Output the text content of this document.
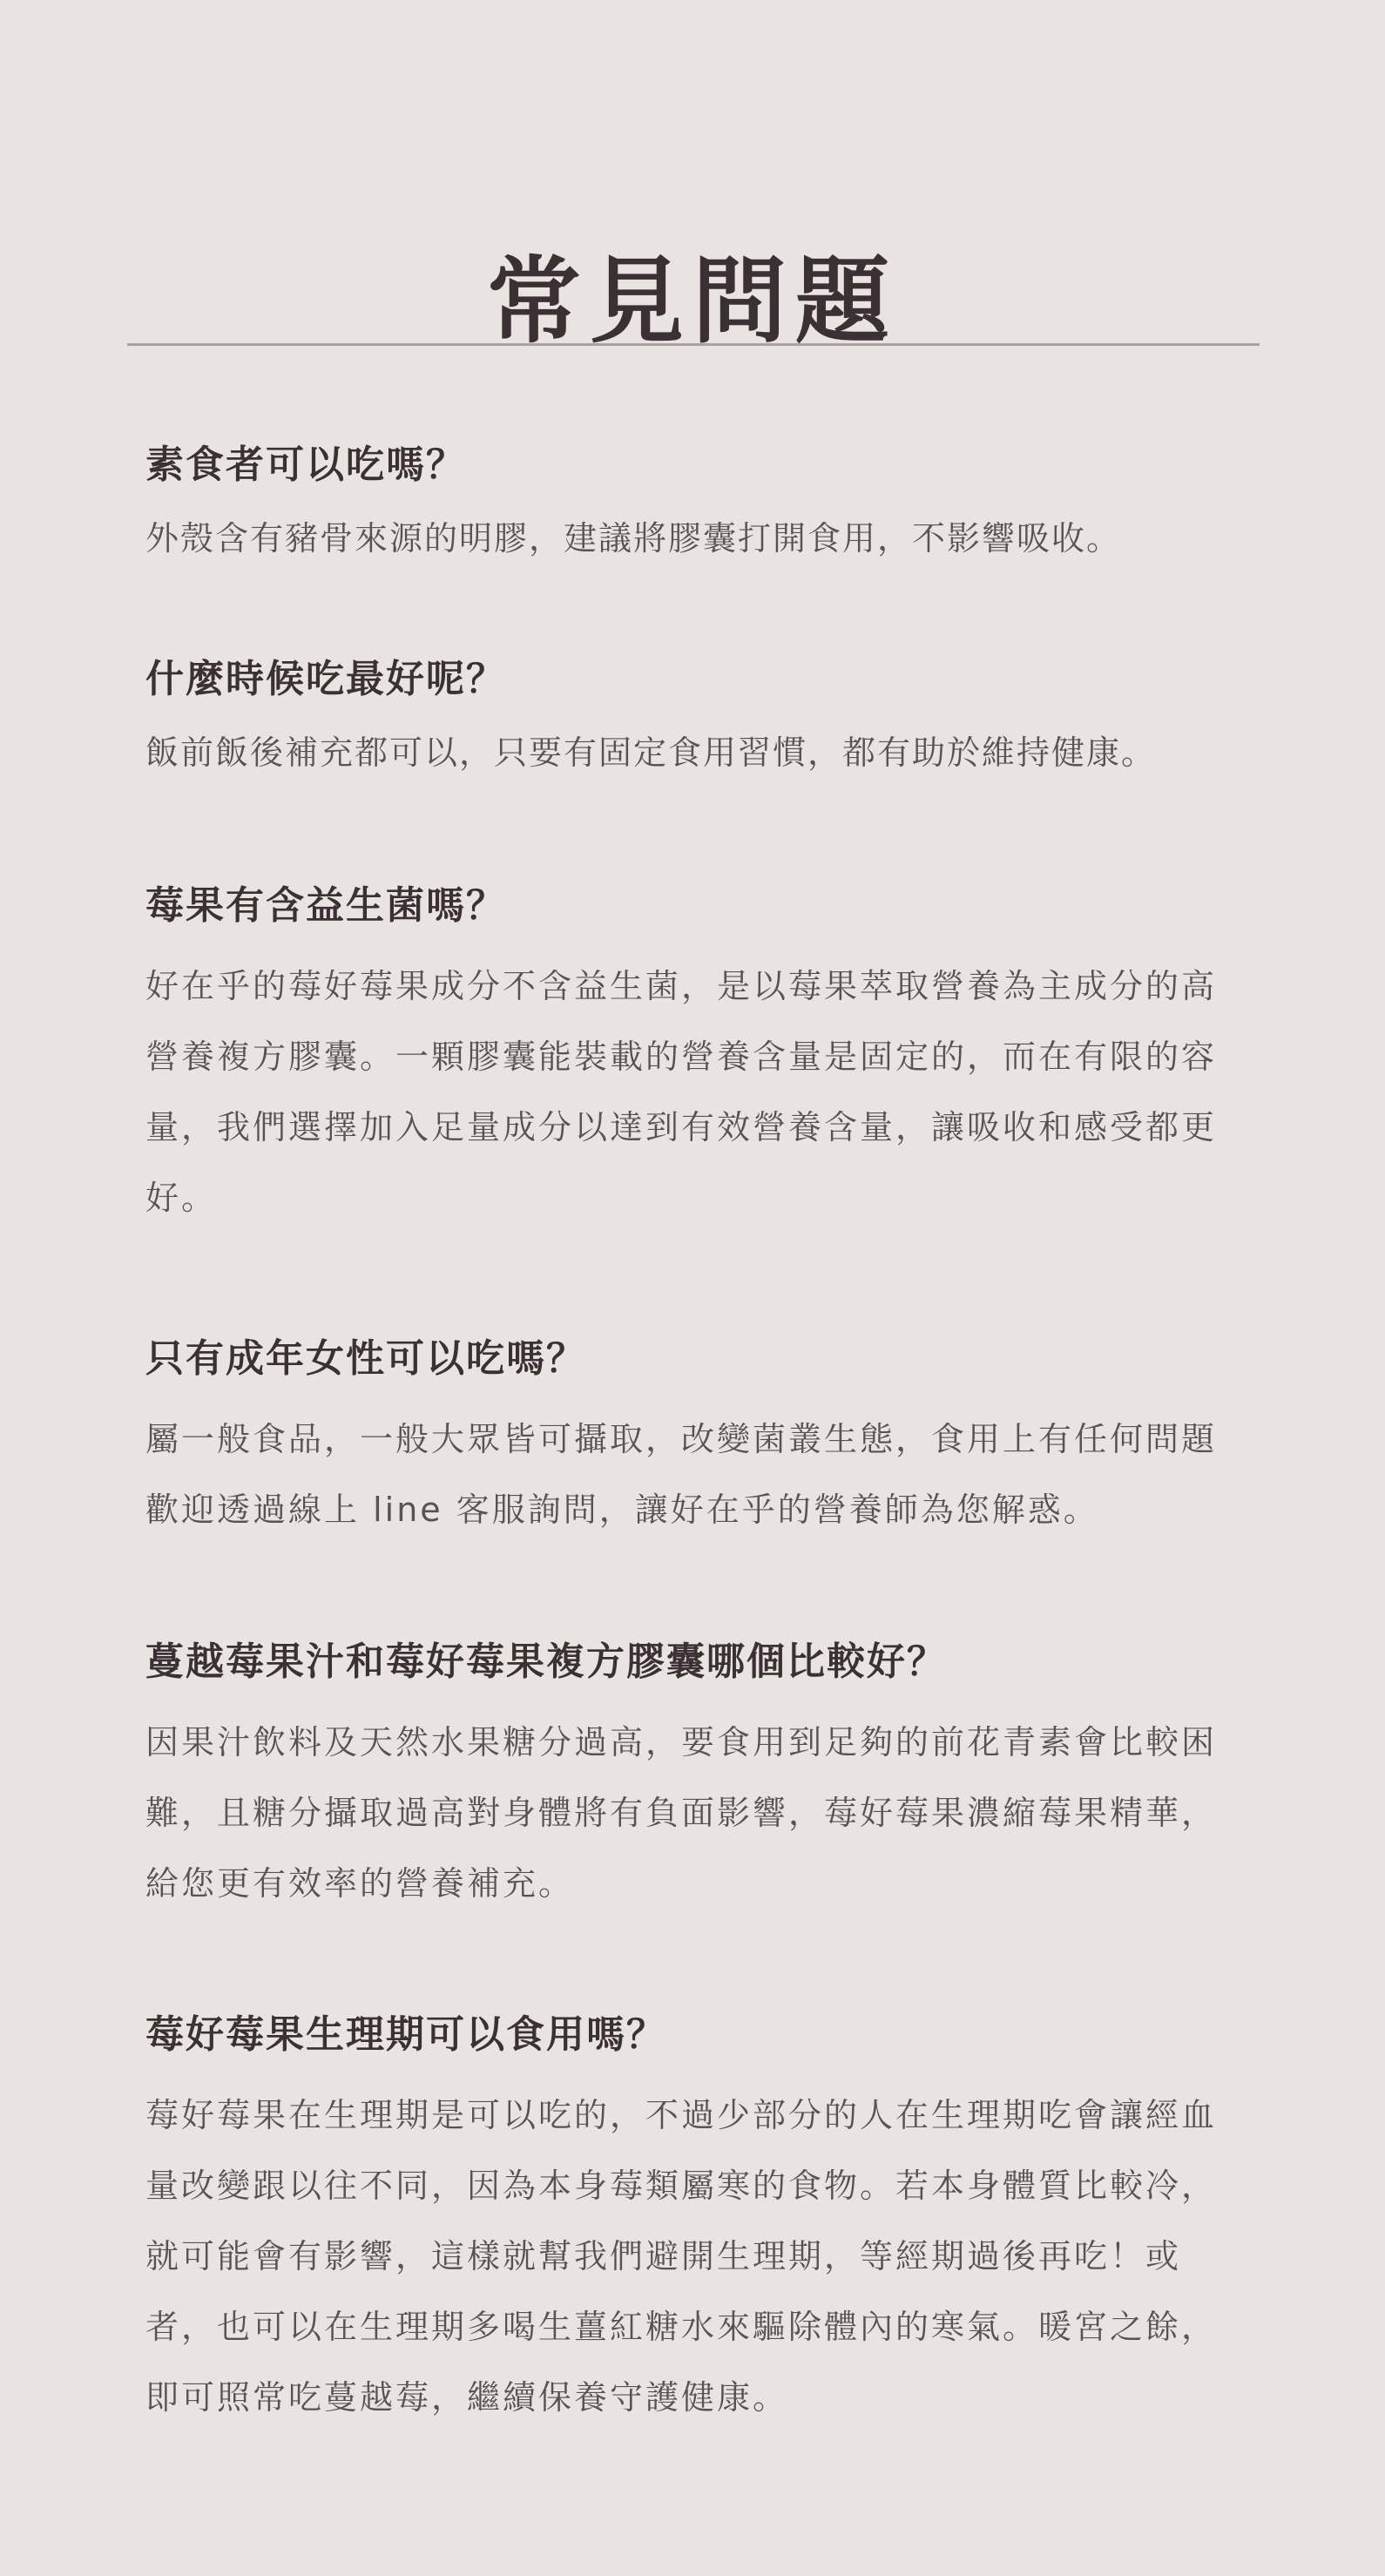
常見問題
素食者可以吃嗎？

外殼含有豬骨來源的明膠，建議將膠囊打開食用，不影響吸收。

什麼時候吃最好呢？

飯前飯後補充都可以，只要有固定食用習慣，都有助於維持健康。

莓果有含益生菌嗎？

好在乎的莓好莓果成分不含益生菌，是以莓果萃取營養為主成分的高營養複方膠囊。一顆膠囊能裝載的營養含量是固定的，而在有限的容量，我們選擇加入足量成分以達到有效營養含量，讓吸收和感受都更好。

只有成年女性可以吃嗎？

屬一般食品，一般大眾皆可攝取，改變菌叢生態，食用上有任何問題歡迎透過線上 line 客服詢問，讓好在乎的營養師為您解惑。

蔓越莓果汁和莓好莓果複方膠囊哪個比較好？

因果汁飲料及天然水果糖分過高，要食用到足夠的前花青素會比較困難，且糖分攝取過高對身體將有負面影響，莓好莓果濃縮莓果精華，給您更有效率的營養補充。

莓好莓果生理期可以食用嗎？

莓好莓果在生理期是可以吃的，不過少部分的人在生理期吃會讓經血量改變跟以往不同，因為本身莓類屬寒的食物。若本身體質比較冷，就可能會有影響，這樣就幫我們避開生理期，等經期過後再吃！或者，也可以在生理期多喝生薑紅糖水來驅除體內的寒氣。暖宮之餘，即可照常吃蔓越莓，繼續保養守護健康。
